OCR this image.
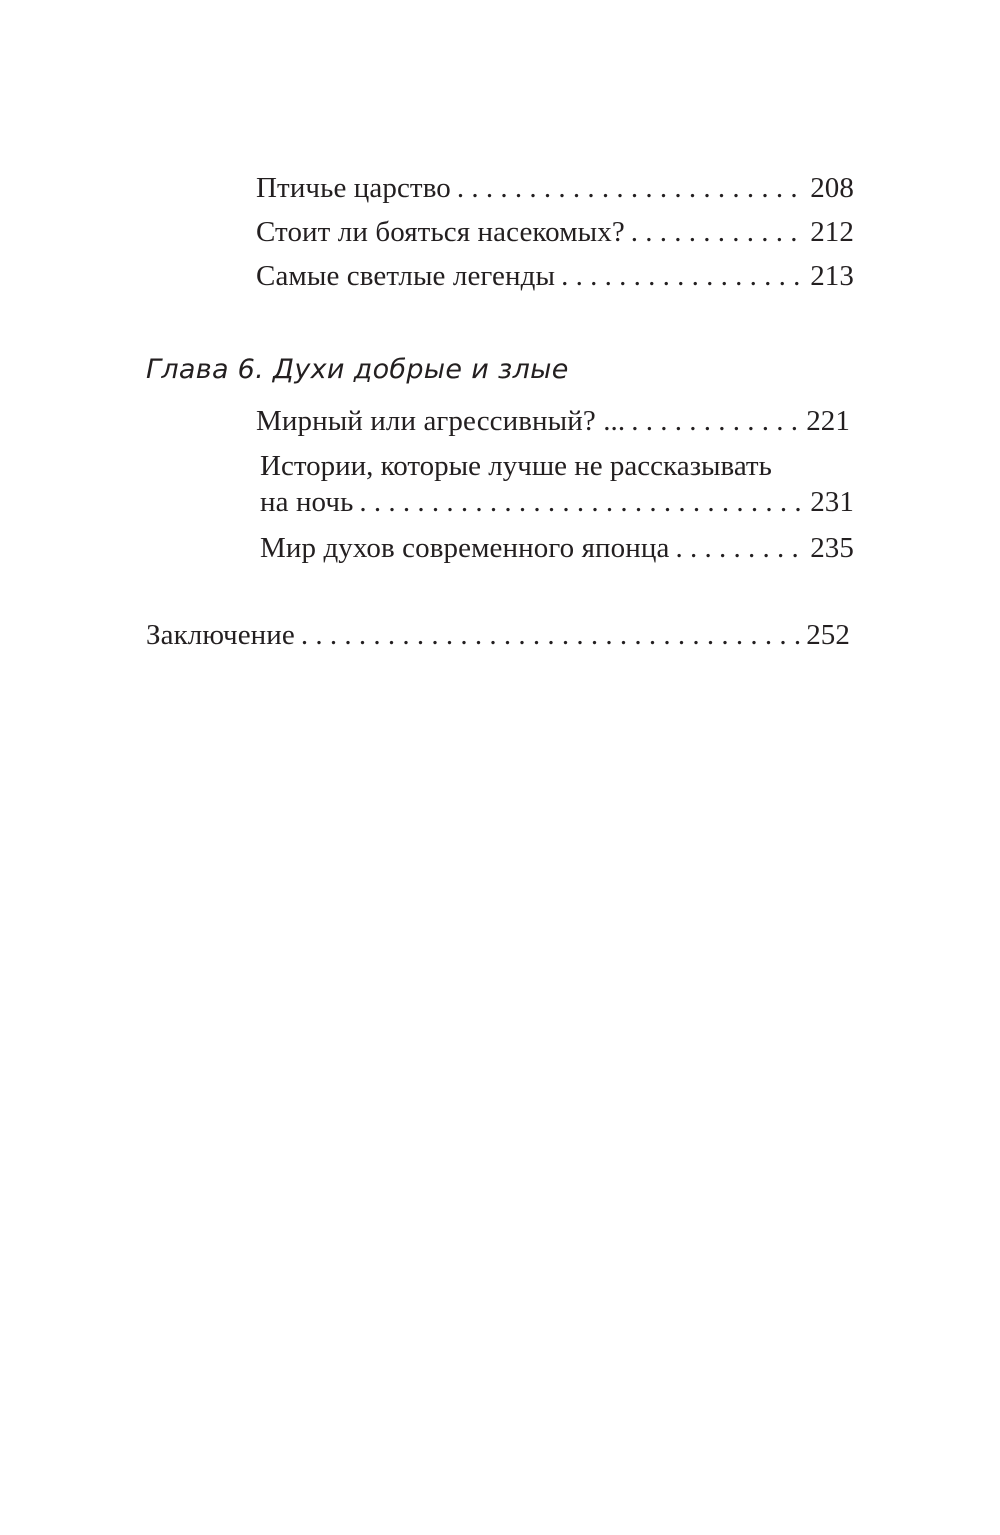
Птичье царство . . .	208
Стоит ли бояться насекомых? . . .	212
Самые светлые легенды . . .	213
Глава 6. Духи добрые и злые
Мирный или агрессивный? ... . . .	221
Истории, которые лучше не рассказывать
на ночь . . .	231
Мир духов современного японца . . .	235
Заключение . . .	252
